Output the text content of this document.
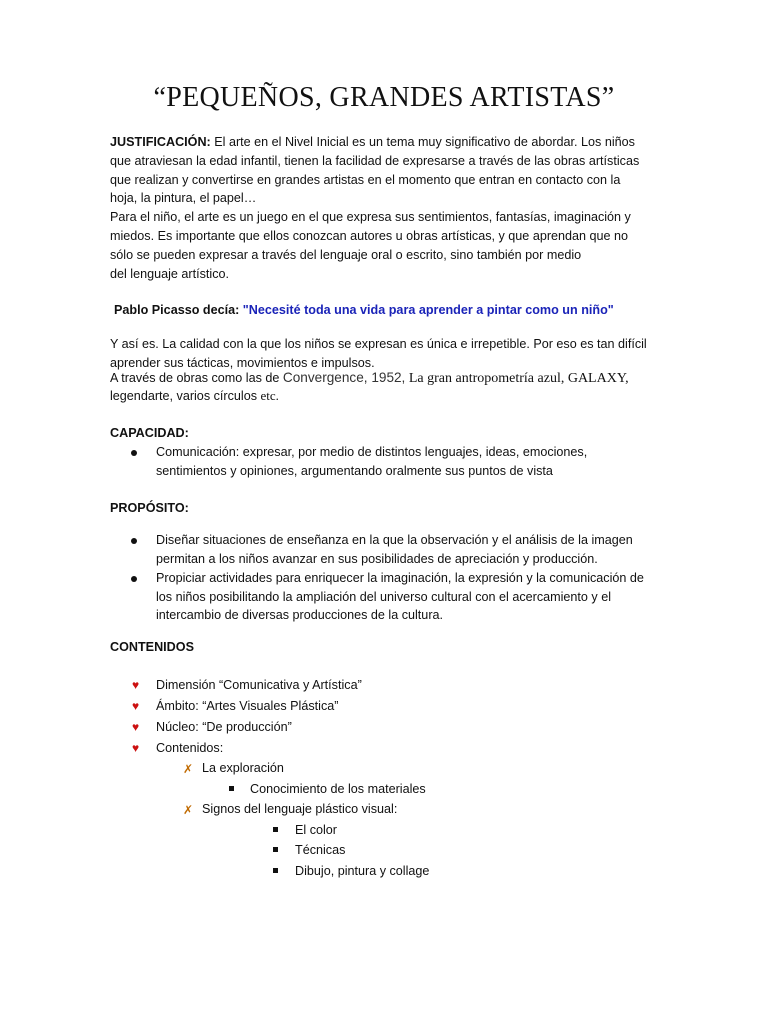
“PEQUEÑOS, GRANDES ARTISTAS”

JUSTIFICACIÓN: El arte en el Nivel Inicial es un tema muy significativo de abordar. Los niños
que atraviesan la edad infantil, tienen la facilidad de expresarse a través de las obras artísticas
que realizan y convertirse en grandes artistas en el momento que entran en contacto con la
hoja, la pintura, el papel…
Para el niño, el arte es un juego en el que expresa sus sentimientos, fantasías, imaginación y
miedos. Es importante que ellos conozcan autores u obras artísticas, y que aprendan que no
sólo se pueden expresar a través del lenguaje oral o escrito, sino también por medio
del lenguaje artístico.

Pablo Picasso decía: "Necesité toda una vida para aprender a pintar como un niño"

Y así es. La calidad con la que los niños se expresan es única e irrepetible. Por eso es tan difícil
aprender sus tácticas, movimientos e impulsos.

A través de obras como las de Convergence, 1952, La gran antropometría azul, GALAXY,

legendarte, varios círculos etc.

CAPACIDAD:
Comunicación: expresar, por medio de distintos lenguajes, ideas, emociones, sentimientos y opiniones, argumentando oralmente sus puntos de vista
PROPÓSITO:
Diseñar situaciones de enseñanza en la que la observación y el análisis de la imagen permitan a los niños avanzar en sus posibilidades de apreciación y producción.
Propiciar actividades para enriquecer la imaginación, la expresión y la comunicación de los niños posibilitando la ampliación del universo cultural con el acercamiento y el intercambio de diversas producciones de la cultura.
CONTENIDOS
♥ Dimensión “Comunicativa y Artística”
♥ Ámbito: “Artes Visuales Plástica”
♥ Núcleo: “De producción”
♥ Contenidos:
✗ La exploración
Conocimiento de los materiales
✗ Signos del lenguaje plástico visual:
El color
Técnicas
Dibujo, pintura y collage
